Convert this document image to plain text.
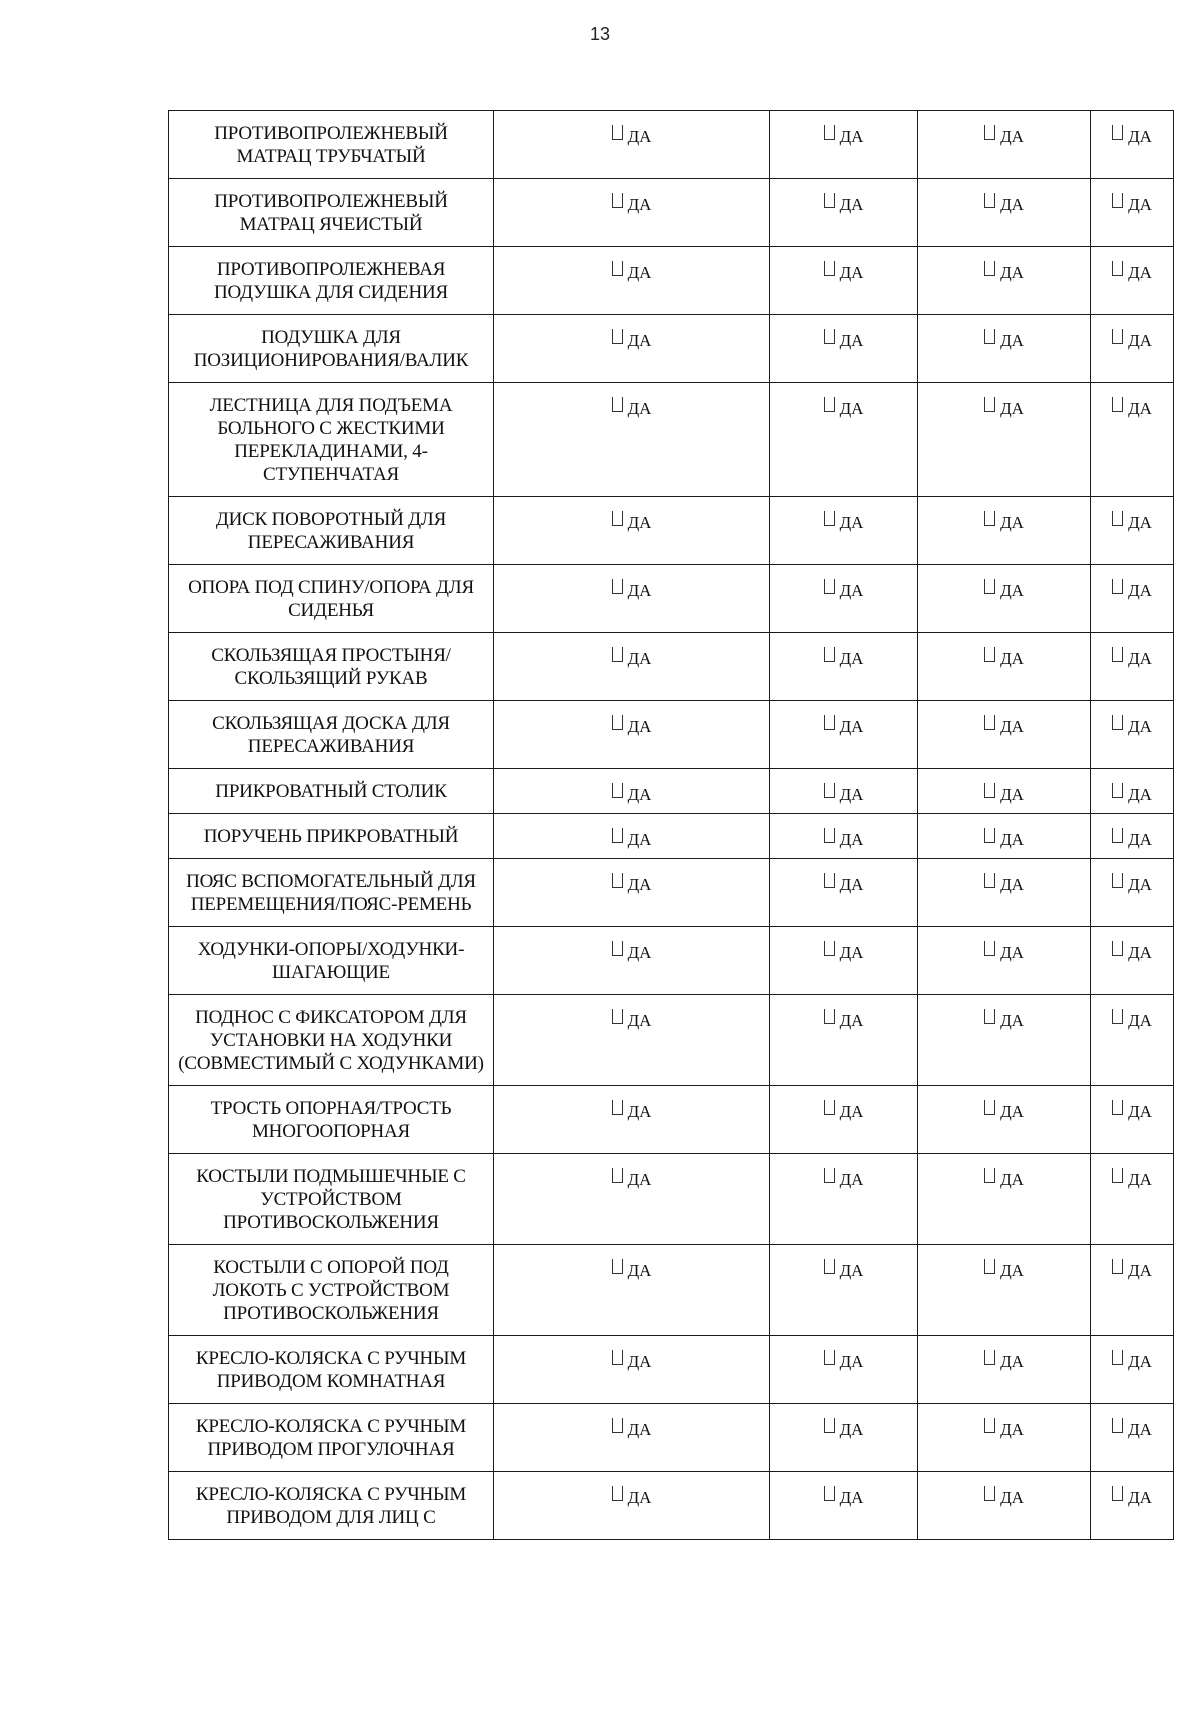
13
ПРОТИВОПРОЛЕЖНЕВЫЙ МАТРАЦ ТРУБЧАТЫЙ	ДА	ДА	ДА	ДА

ПРОТИВОПРОЛЕЖНЕВЫЙ МАТРАЦ ЯЧЕИСТЫЙ	ДА	ДА	ДА	ДА

ПРОТИВОПРОЛЕЖНЕВАЯ ПОДУШКА ДЛЯ СИДЕНИЯ	ДА	ДА	ДА	ДА

ПОДУШКА ДЛЯ ПОЗИЦИОНИРОВАНИЯ/ВАЛИК	ДА	ДА	ДА	ДА

ЛЕСТНИЦА ДЛЯ ПОДЪЕМА БОЛЬНОГО С ЖЕСТКИМИ ПЕРЕКЛАДИНАМИ, 4-СТУПЕНЧАТАЯ	ДА	ДА	ДА	ДА

ДИСК ПОВОРОТНЫЙ ДЛЯ ПЕРЕСАЖИВАНИЯ	ДА	ДА	ДА	ДА

ОПОРА ПОД СПИНУ/ОПОРА ДЛЯ СИДЕНЬЯ	ДА	ДА	ДА	ДА

СКОЛЬЗЯЩАЯ ПРОСТЫНЯ/СКОЛЬЗЯЩИЙ РУКАВ	ДА	ДА	ДА	ДА

СКОЛЬЗЯЩАЯ ДОСКА ДЛЯ ПЕРЕСАЖИВАНИЯ	ДА	ДА	ДА	ДА

ПРИКРОВАТНЫЙ СТОЛИК	ДА	ДА	ДА	ДА

ПОРУЧЕНЬ ПРИКРОВАТНЫЙ	ДА	ДА	ДА	ДА

ПОЯС ВСПОМОГАТЕЛЬНЫЙ ДЛЯ ПЕРЕМЕЩЕНИЯ/ПОЯС-РЕМЕНЬ	ДА	ДА	ДА	ДА

ХОДУНКИ-ОПОРЫ/ХОДУНКИ-ШАГАЮЩИЕ	ДА	ДА	ДА	ДА

ПОДНОС С ФИКСАТОРОМ ДЛЯ УСТАНОВКИ НА ХОДУНКИ (СОВМЕСТИМЫЙ С ХОДУНКАМИ)	ДА	ДА	ДА	ДА

ТРОСТЬ ОПОРНАЯ/ТРОСТЬ МНОГООПОРНАЯ	ДА	ДА	ДА	ДА

КОСТЫЛИ ПОДМЫШЕЧНЫЕ С УСТРОЙСТВОМ ПРОТИВОСКОЛЬЖЕНИЯ	ДА	ДА	ДА	ДА

КОСТЫЛИ С ОПОРОЙ ПОД ЛОКОТЬ С УСТРОЙСТВОМ ПРОТИВОСКОЛЬЖЕНИЯ	ДА	ДА	ДА	ДА

КРЕСЛО-КОЛЯСКА С РУЧНЫМ ПРИВОДОМ КОМНАТНАЯ	ДА	ДА	ДА	ДА

КРЕСЛО-КОЛЯСКА С РУЧНЫМ ПРИВОДОМ ПРОГУЛОЧНАЯ	ДА	ДА	ДА	ДА

КРЕСЛО-КОЛЯСКА С РУЧНЫМ ПРИВОДОМ ДЛЯ ЛИЦ С	ДА	ДА	ДА	ДА
